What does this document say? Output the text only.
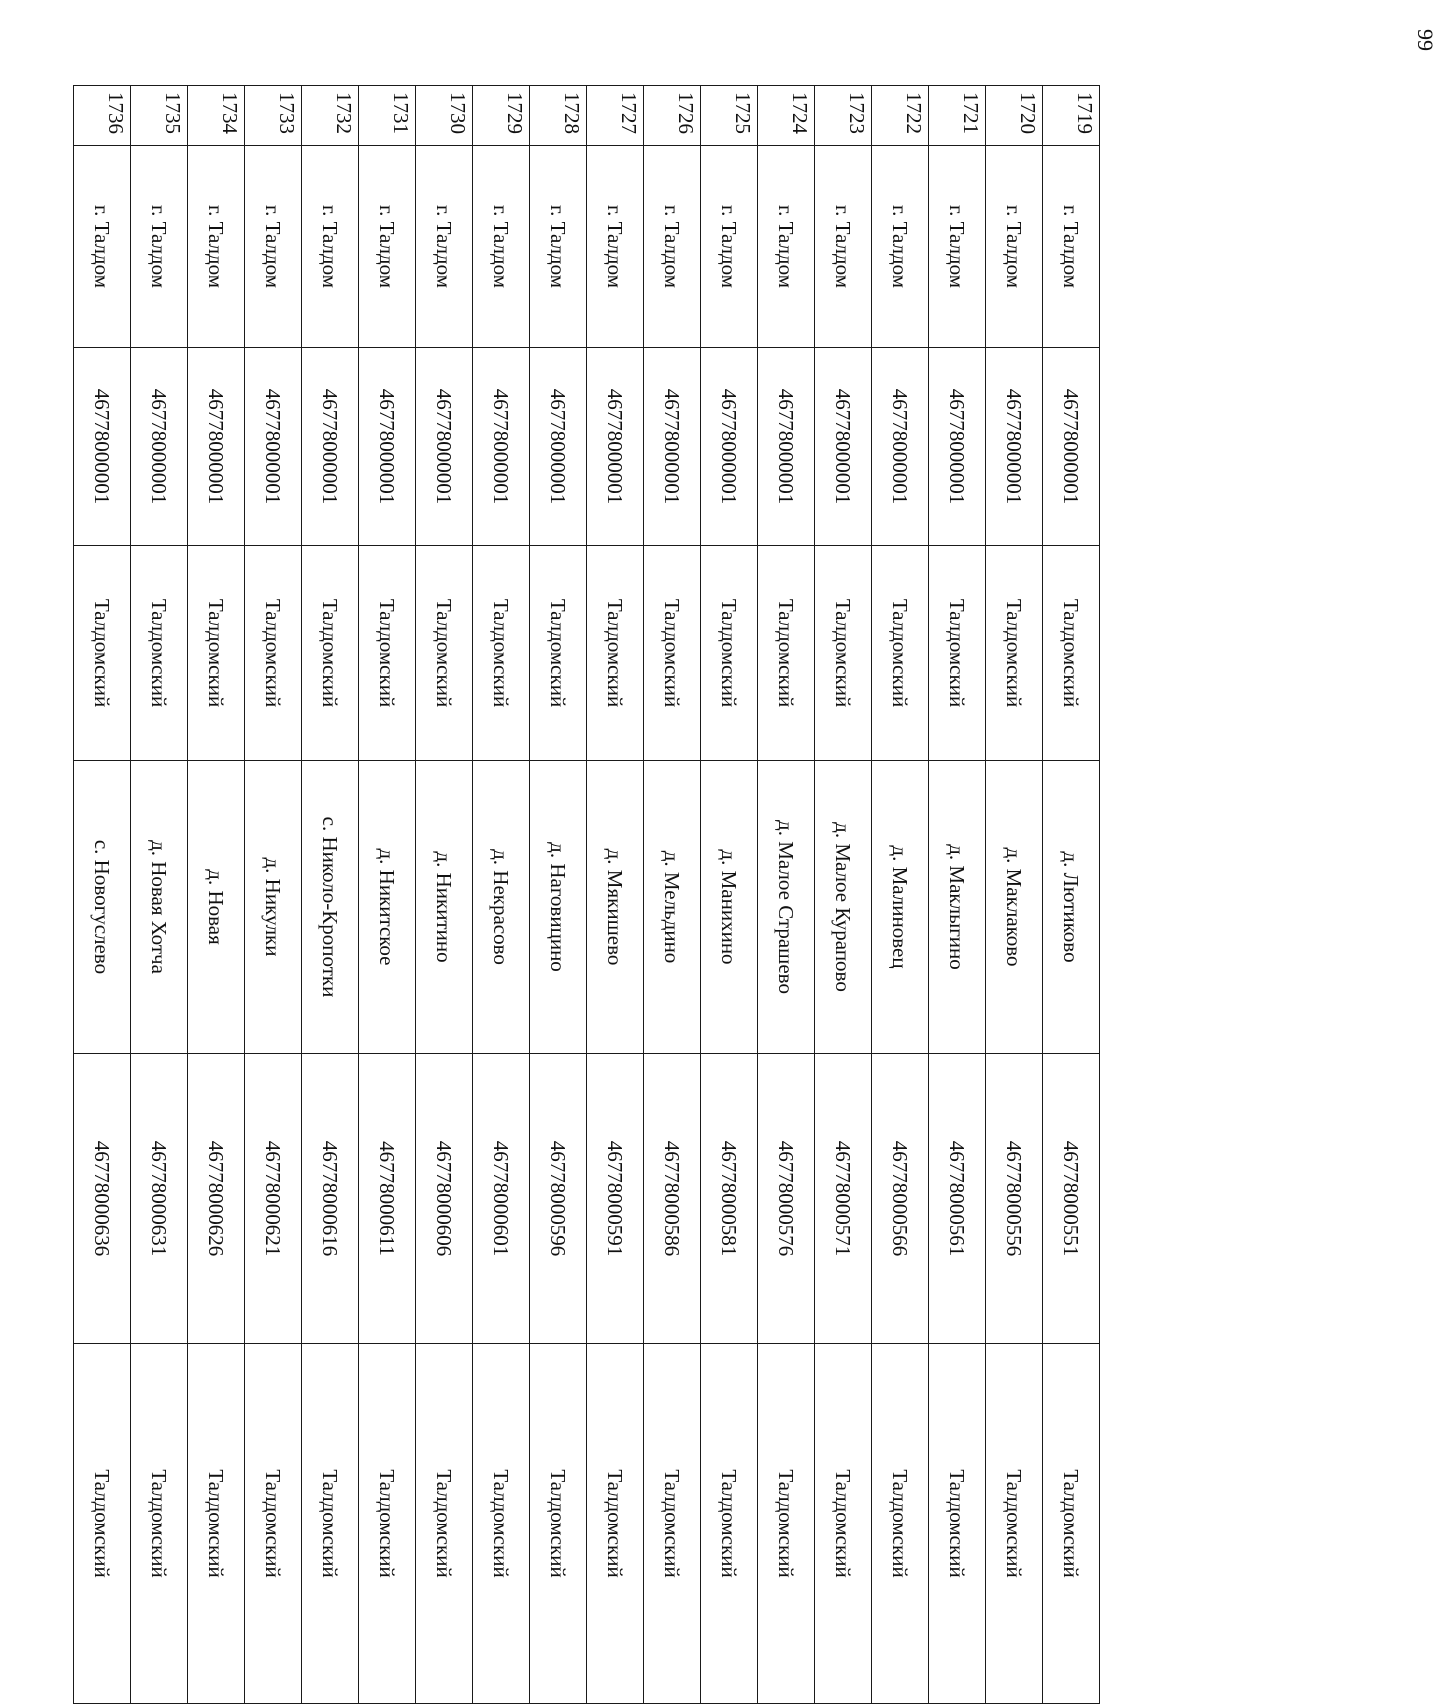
99
1719	г. Талдом	46778000001	Талдомский	д. Лютиково	46778000551	Талдомский
1720	г. Талдом	46778000001	Талдомский	д. Маклаково	46778000556	Талдомский
1721	г. Талдом	46778000001	Талдомский	д. Маклыгино	46778000561	Талдомский
1722	г. Талдом	46778000001	Талдомский	д. Малиновец	46778000566	Талдомский
1723	г. Талдом	46778000001	Талдомский	д. Малое Курапово	46778000571	Талдомский
1724	г. Талдом	46778000001	Талдомский	д. Малое Страшево	46778000576	Талдомский
1725	г. Талдом	46778000001	Талдомский	д. Манихино	46778000581	Талдомский
1726	г. Талдом	46778000001	Талдомский	д. Мельдино	46778000586	Талдомский
1727	г. Талдом	46778000001	Талдомский	д. Мякишево	46778000591	Талдомский
1728	г. Талдом	46778000001	Талдомский	д. Наговицино	46778000596	Талдомский
1729	г. Талдом	46778000001	Талдомский	д. Некрасово	46778000601	Талдомский
1730	г. Талдом	46778000001	Талдомский	д. Никитино	46778000606	Талдомский
1731	г. Талдом	46778000001	Талдомский	д. Никитское	46778000611	Талдомский
1732	г. Талдом	46778000001	Талдомский	с. Николо-Кропотки	46778000616	Талдомский
1733	г. Талдом	46778000001	Талдомский	д. Никулки	46778000621	Талдомский
1734	г. Талдом	46778000001	Талдомский	д. Новая	46778000626	Талдомский
1735	г. Талдом	46778000001	Талдомский	д. Новая Хотча	46778000631	Талдомский
1736	г. Талдом	46778000001	Талдомский	с. Новогуслево	46778000636	Талдомский
